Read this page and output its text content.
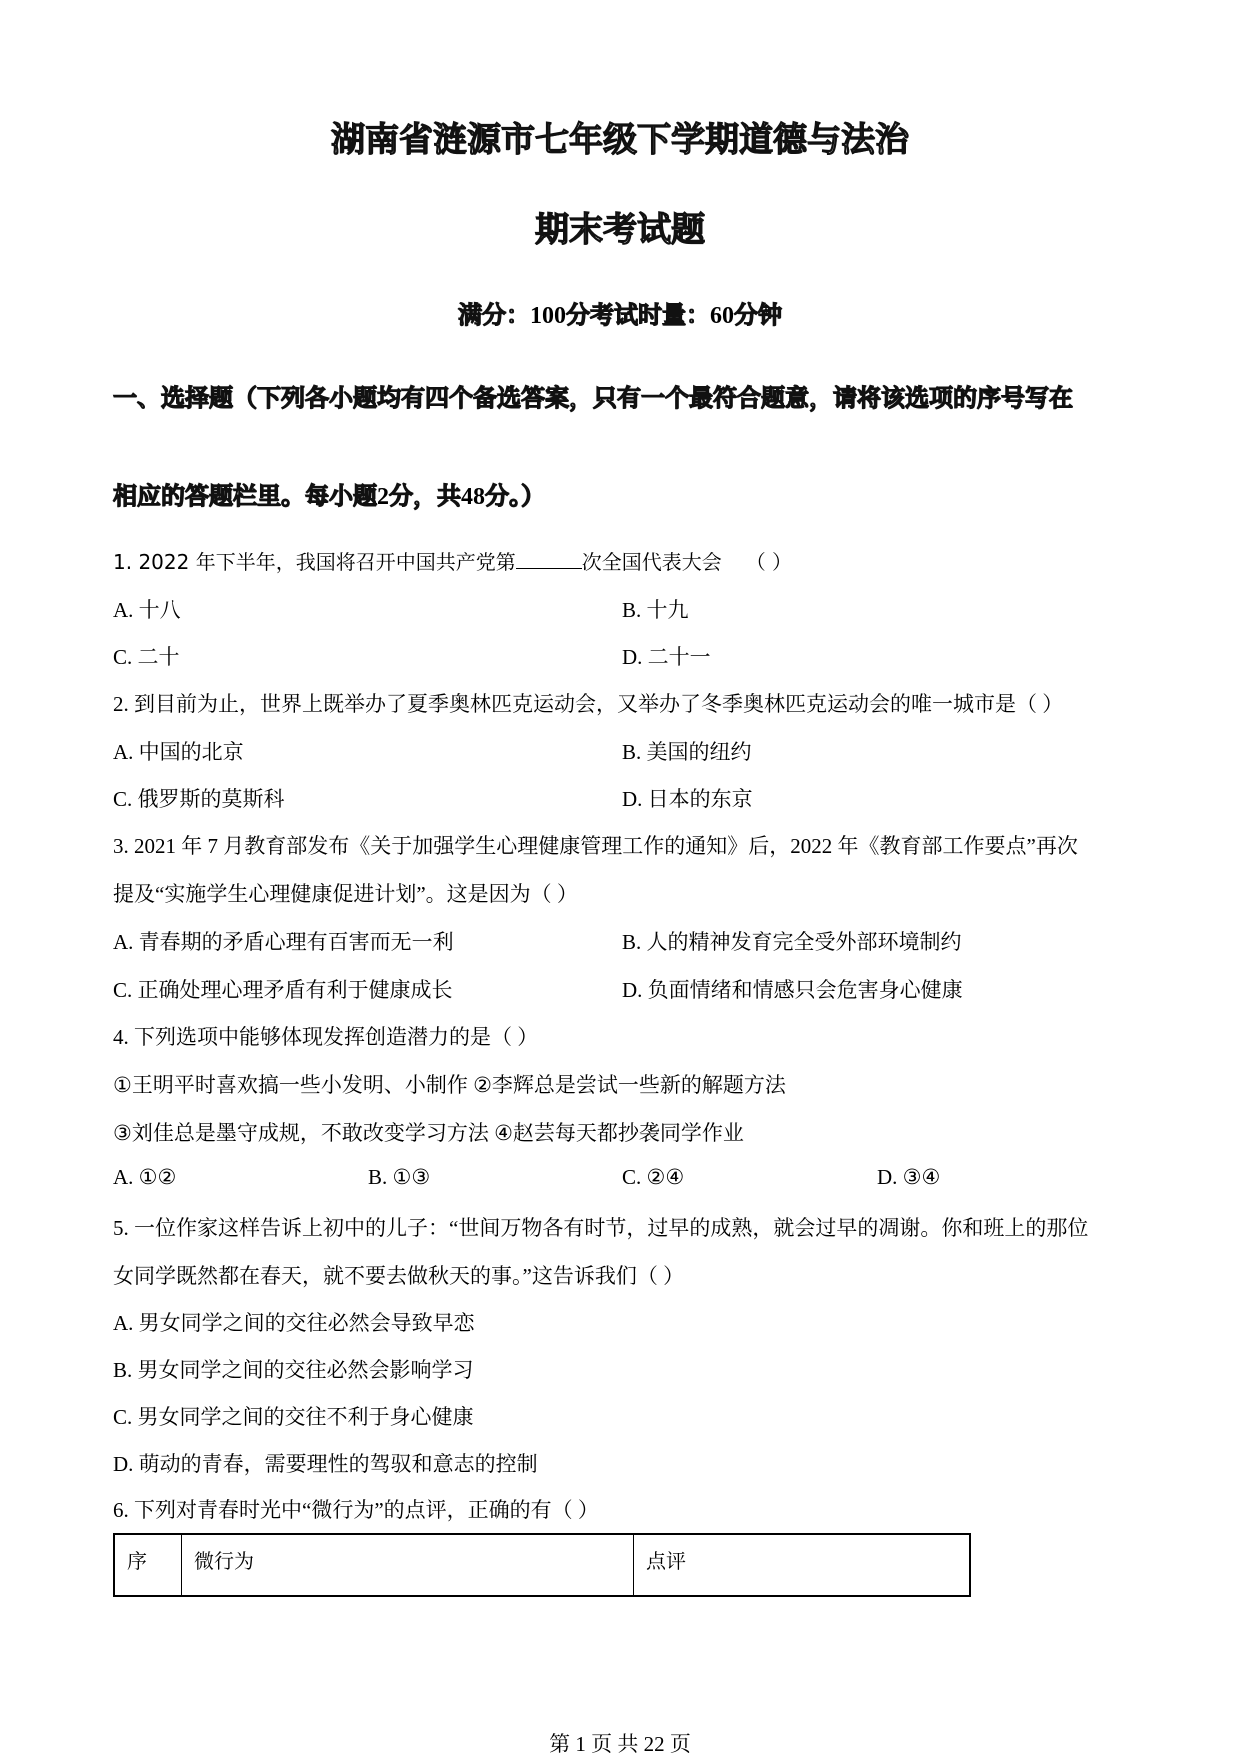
湖南省涟源市七年级下学期道德与法治
期末考试题
满分：100分考试时量：60分钟
一、选择题（下列各小题均有四个备选答案，只有一个最符合题意，请将该选项的序号写在
相应的答题栏里。每小题2分，共48分。）
1. 2022 年下半年，我国将召开中国共产党第	次全国代表大会 （ ）
A. 十八	B. 十九
C. 二十	D. 二十一
2. 到目前为止，世界上既举办了夏季奥林匹克运动会，又举办了冬季奥林匹克运动会的唯一城市是（ ）
A. 中国的北京	B. 美国的纽约
C. 俄罗斯的莫斯科	D. 日本的东京
3. 2021 年 7 月教育部发布《关于加强学生心理健康管理工作的通知》后，2022 年《教育部工作要点”再次
提及“实施学生心理健康促进计划”。这是因为（ ）
A. 青春期的矛盾心理有百害而无一利	B. 人的精神发育完全受外部环境制约
C. 正确处理心理矛盾有利于健康成长	D. 负面情绪和情感只会危害身心健康
4. 下列选项中能够体现发挥创造潜力的是（ ）
①王明平时喜欢搞一些小发明、小制作 ②李辉总是尝试一些新的解题方法
③刘佳总是墨守成规，不敢改变学习方法 ④赵芸每天都抄袭同学作业
A. ①②	B. ①③	C. ②④	D. ③④
5. 一位作家这样告诉上初中的儿子：“世间万物各有时节，过早的成熟，就会过早的凋谢。你和班上的那位
女同学既然都在春天，就不要去做秋天的事。”这告诉我们（ ）
A. 男女同学之间的交往必然会导致早恋
B. 男女同学之间的交往必然会影响学习
C. 男女同学之间的交往不利于身心健康
D. 萌动的青春，需要理性的驾驭和意志的控制
6. 下列对青春时光中“微行为”的点评，正确的有（ ）
序	微行为	点评
第 1 页 共 22 页
